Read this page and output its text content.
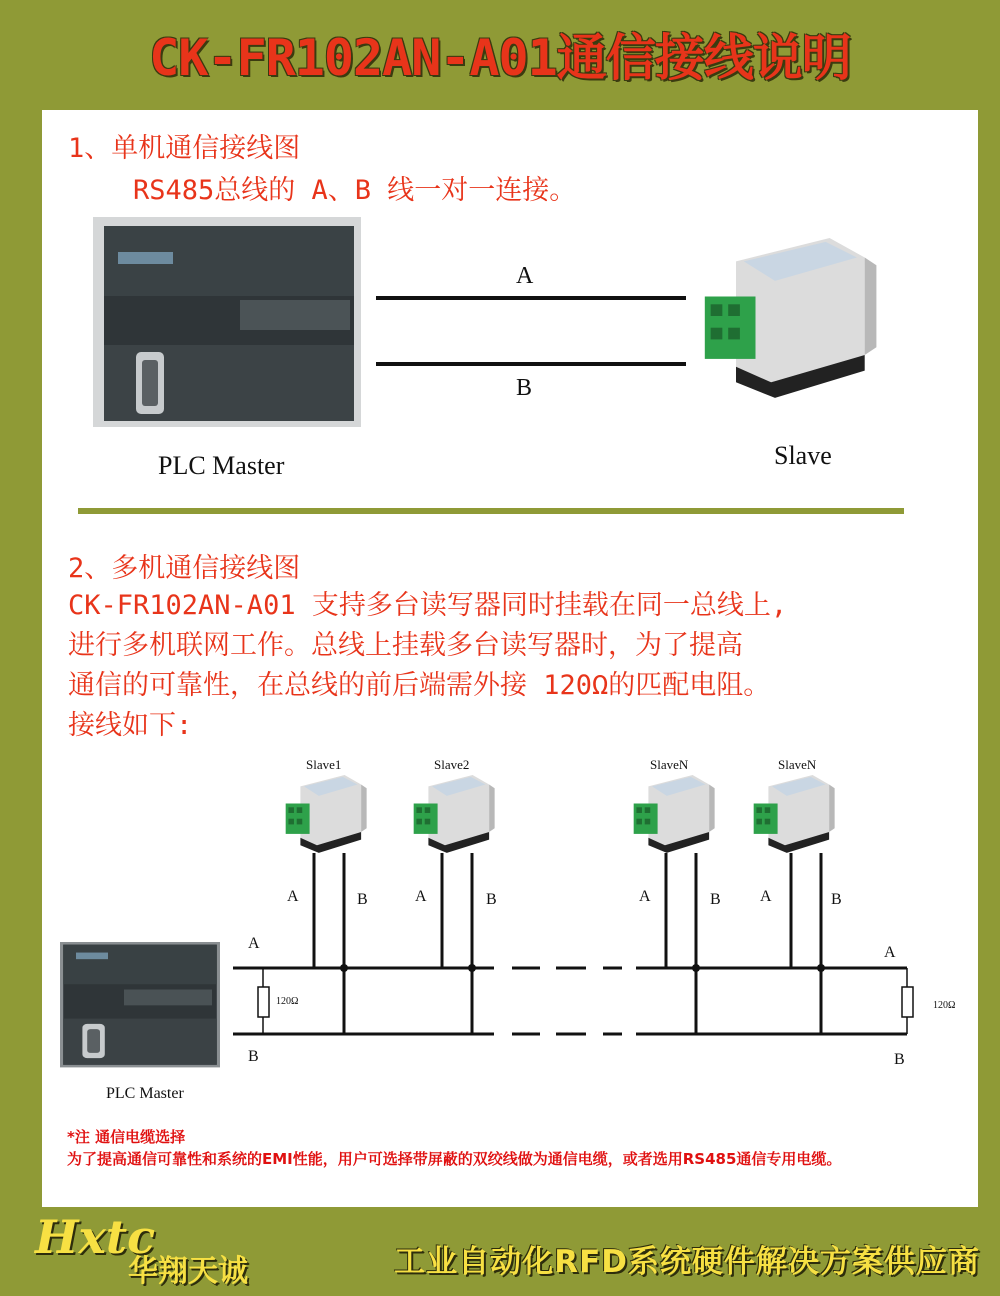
CK-FR102AN-A01通信接线说明
1、单机通信接线图
RS485总线的 A、B 线一对一连接。
2、多机通信接线图
CK-FR102AN-A01 支持多台读写器同时挂载在同一总线上,
进行多机联网工作。总线上挂载多台读写器时，为了提高
通信的可靠性，在总线的前后端需外接 120Ω的匹配电阻。
接线如下:
PLC Master
A
B
Slave
PLC Master
A
B
A
B
120Ω	120Ω
Slave1	Slave2	SlaveN	SlaveN
A	B	A	B	A	B A	B
*注 通信电缆选择
为了提高通信可靠性和系统的EMI性能，用户可选择带屏蔽的双绞线做为通信电缆，或者选用RS485通信专用电缆。
Hxtc
华翔天诚	工业自动化RFD系统硬件解决方案供应商
